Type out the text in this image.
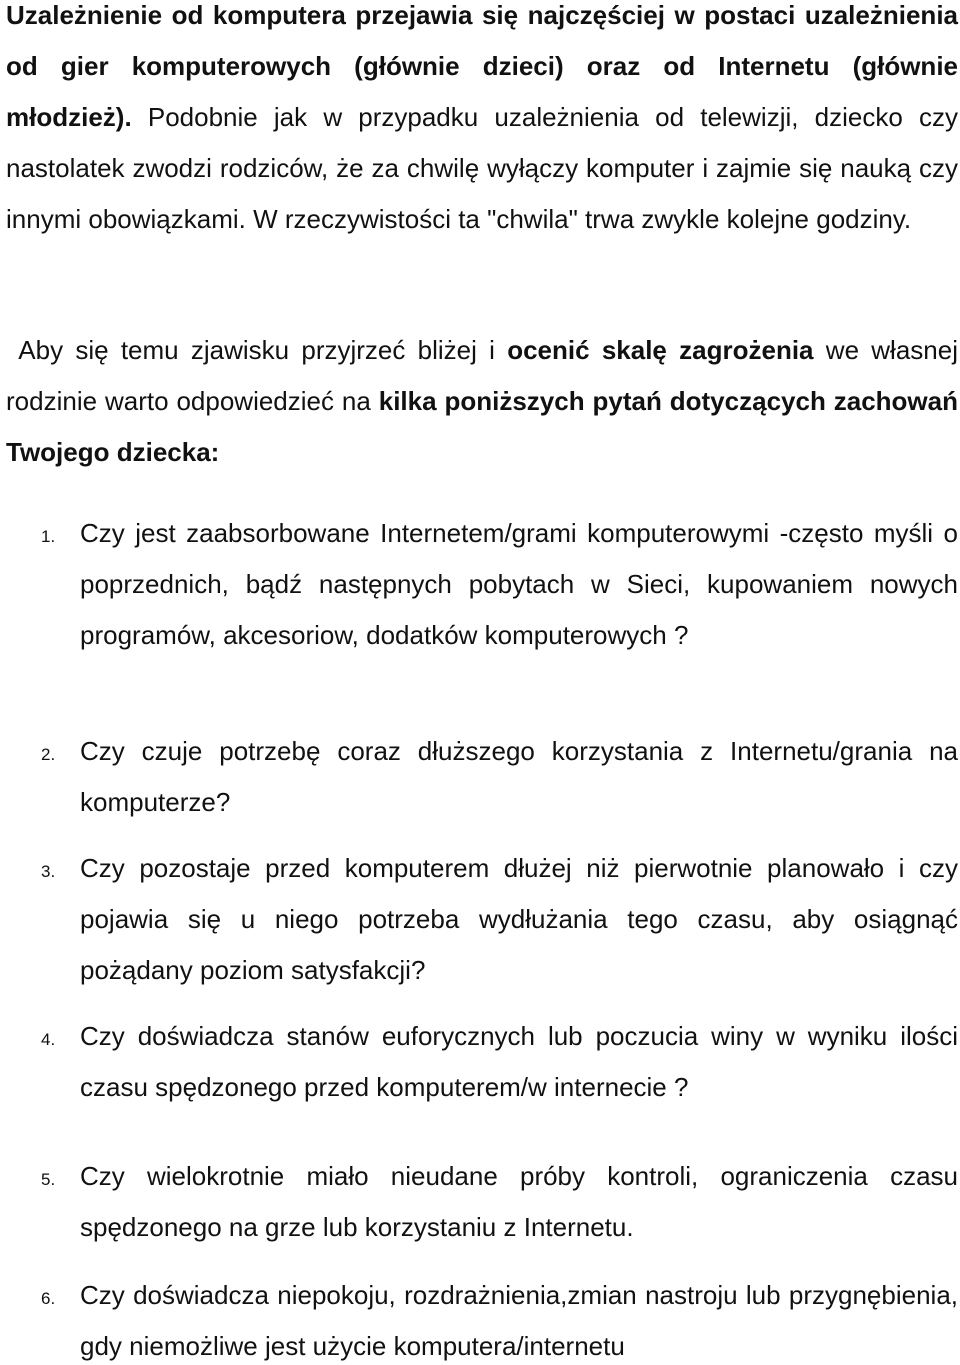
Uzależnienie od komputera przejawia się najczęściej w postaci uzależnienia od gier komputerowych (głównie dzieci) oraz od Internetu (głównie młodzież). Podobnie jak w przypadku uzależnienia od telewizji, dziecko czy nastolatek zwodzi rodziców, że za chwilę wyłączy komputer i zajmie się nauką czy innymi obowiązkami. W rzeczywistości ta "chwila" trwa zwykle kolejne godziny.

Aby się temu zjawisku przyjrzeć bliżej i ocenić skalę zagrożenia we własnej rodzinie warto odpowiedzieć na kilka poniższych pytań dotyczących zachowań Twojego dziecka:

1. Czy jest zaabsorbowane Internetem/grami komputerowymi -często myśli o poprzednich, bądź następnych pobytach w Sieci, kupowaniem nowych programów, akcesoriow, dodatków komputerowych ?

2. Czy czuje potrzebę coraz dłuższego korzystania z Internetu/grania na komputerze?

3. Czy pozostaje przed komputerem dłużej niż pierwotnie planowało i czy pojawia się u niego potrzeba wydłużania tego czasu, aby osiągnąć pożądany poziom satysfakcji?

4. Czy doświadcza stanów euforycznych lub poczucia winy w wyniku ilości czasu spędzonego przed komputerem/w internecie ?

5. Czy wielokrotnie miało nieudane próby kontroli, ograniczenia czasu spędzonego na grze lub korzystaniu z Internetu.

6. Czy doświadcza niepokoju, rozdrażnienia,zmian nastroju lub przygnębienia, gdy niemożliwe jest użycie komputera/internetu
